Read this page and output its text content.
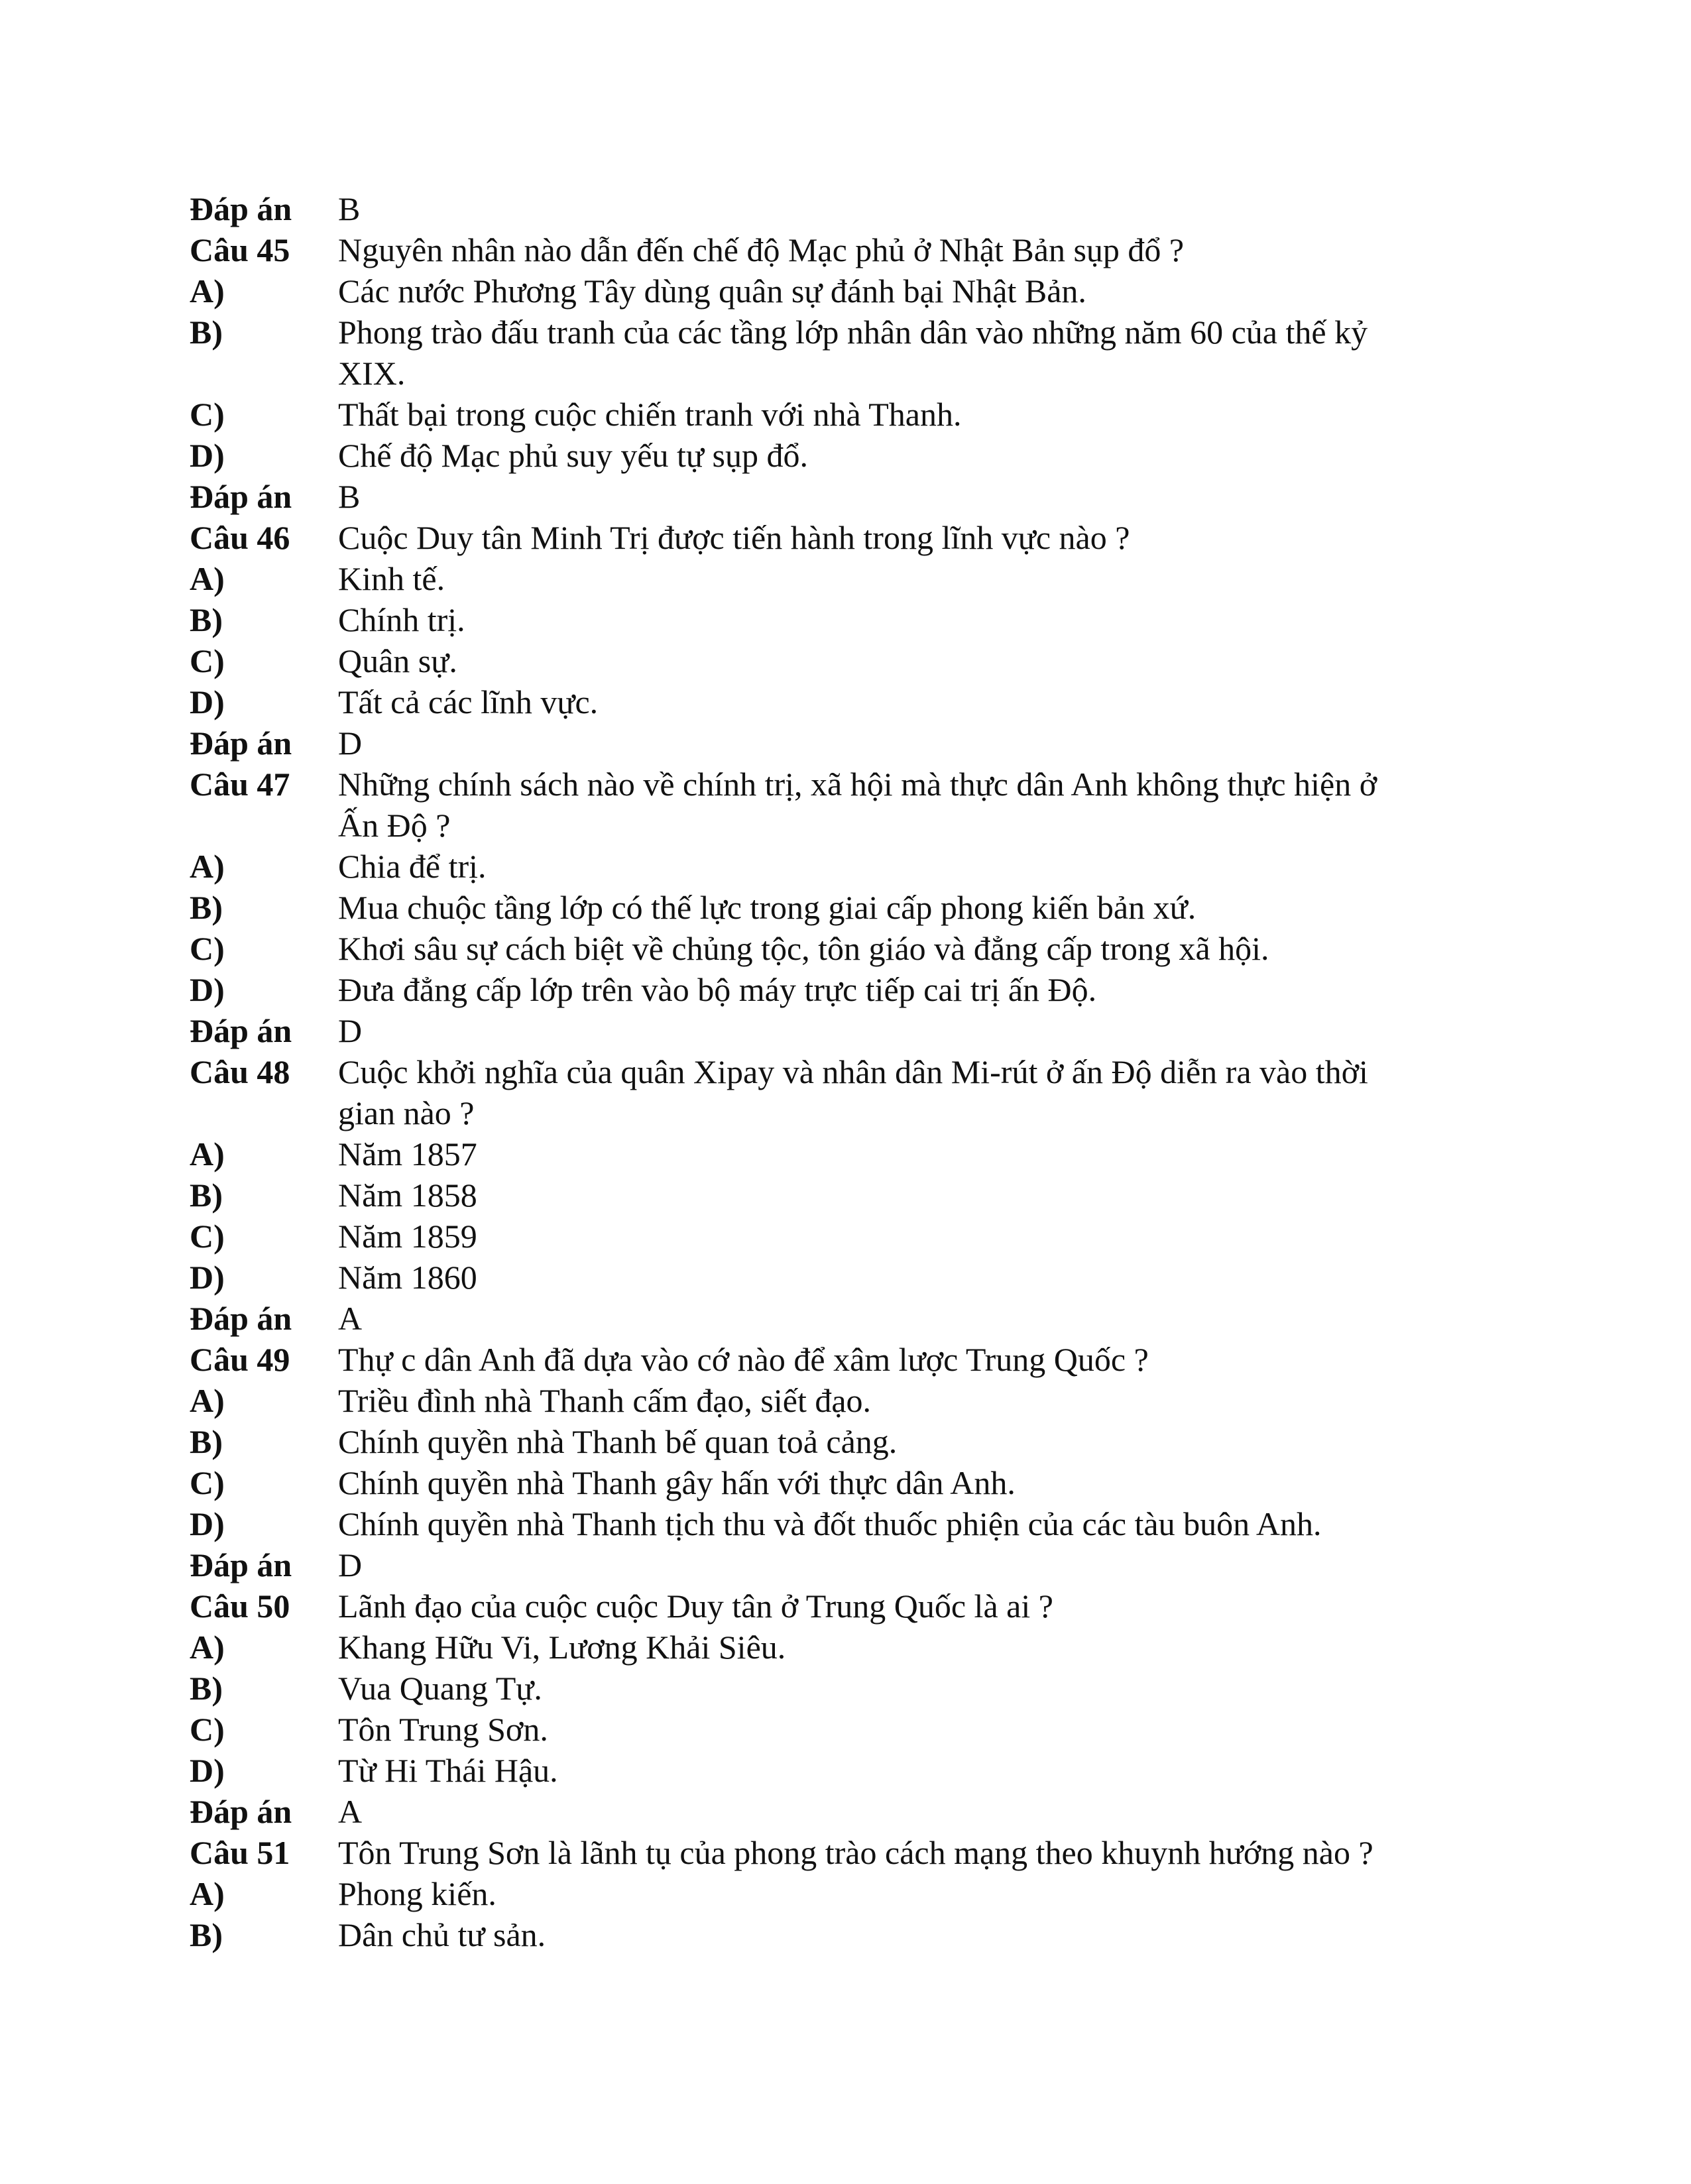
Đáp án	B
Câu 45	Nguyên nhân nào dẫn đến chế độ Mạc phủ ở Nhật Bản sụp đổ ?
A)	Các nước Phương Tây dùng quân sự đánh bại Nhật Bản.
B)	Phong trào đấu tranh của các tầng lớp nhân dân vào những năm 60 của thế kỷ
XIX.
C)	Thất bại trong cuộc chiến tranh với nhà Thanh.
D)	Chế độ Mạc phủ suy yếu tự sụp đổ.
Đáp án	B
Câu 46	Cuộc Duy tân Minh Trị được tiến hành trong lĩnh vực nào ?
A)	Kinh tế.
B)	Chính trị.
C)	Quân sự.
D)	Tất cả các lĩnh vực.
Đáp án	D
Câu 47	Những chính sách nào về chính trị, xã hội mà thực dân Anh không thực hiện ở
Ấn Độ ?
A)	Chia để trị.
B)	Mua chuộc tầng lớp có thế lực trong giai cấp phong kiến bản xứ.
C)	Khơi sâu sự cách biệt về chủng tộc, tôn giáo và đẳng cấp trong xã hội.
D)	Đưa đẳng cấp lớp trên vào bộ máy trực tiếp cai trị ấn Độ.
Đáp án	D
Câu 48	Cuộc khởi nghĩa của quân Xipay và nhân dân Mi-rút ở ấn Độ diễn ra vào thời
gian nào ?
A)	Năm 1857
B)	Năm 1858
C)	Năm 1859
D)	Năm 1860
Đáp án	A
Câu 49	Thự c dân Anh đã dựa vào cớ nào để xâm lược Trung Quốc ?
A)	Triều đình nhà Thanh cấm đạo, siết đạo.
B)	Chính quyền nhà Thanh bế quan toả cảng.
C)	Chính quyền nhà Thanh gây hấn với thực dân Anh.
D)	Chính quyền nhà Thanh tịch thu và đốt thuốc phiện của các tàu buôn Anh.
Đáp án	D
Câu 50	Lãnh đạo của cuộc cuộc Duy tân ở Trung Quốc là ai ?
A)	Khang Hữu Vi, Lương Khải Siêu.
B)	Vua Quang Tự.
C)	Tôn Trung Sơn.
D)	Từ Hi Thái Hậu.
Đáp án	A
Câu 51	Tôn Trung Sơn là lãnh tụ của phong trào cách mạng theo khuynh hướng nào ?
A)	Phong kiến.
B)	Dân chủ tư sản.
